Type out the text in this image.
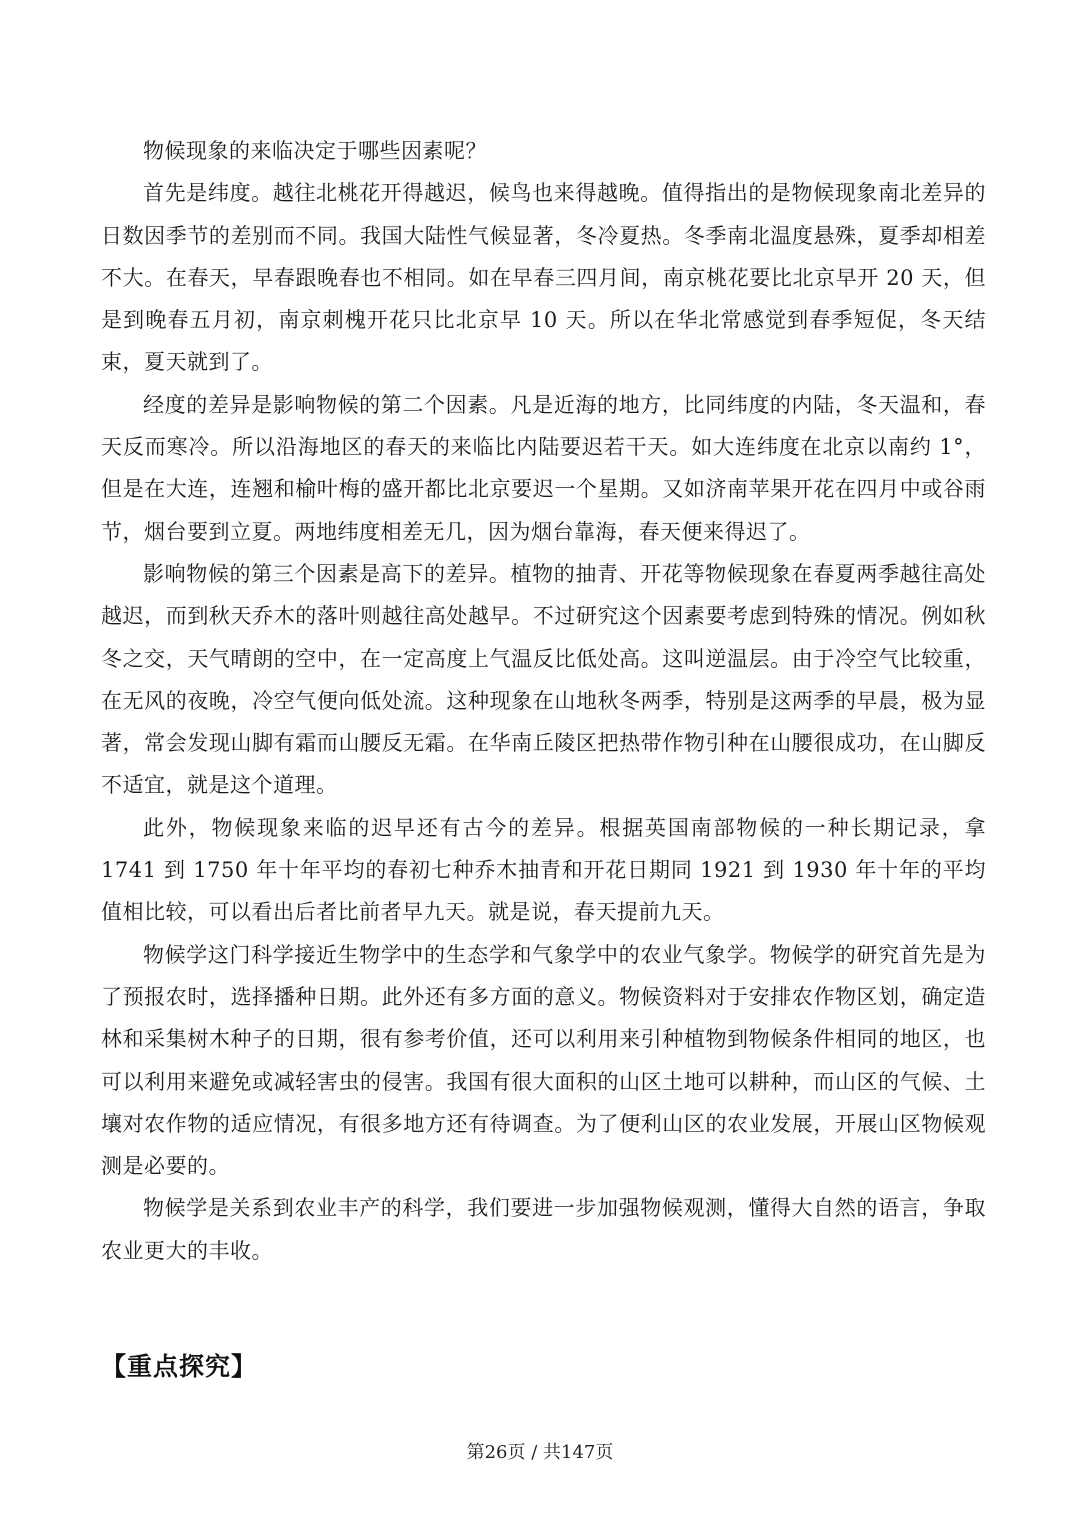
物候现象的来临决定于哪些因素呢？

首先是纬度。越往北桃花开得越迟，候鸟也来得越晚。值得指出的是物候现象南北差异的日数因季节的差别而不同。我国大陆性气候显著，冬冷夏热。冬季南北温度悬殊，夏季却相差不大。在春天，早春跟晚春也不相同。如在早春三四月间，南京桃花要比北京早开 20 天，但是到晚春五月初，南京刺槐开花只比北京早 10 天。所以在华北常感觉到春季短促，冬天结束，夏天就到了。

经度的差异是影响物候的第二个因素。凡是近海的地方，比同纬度的内陆，冬天温和，春天反而寒冷。所以沿海地区的春天的来临比内陆要迟若干天。如大连纬度在北京以南约 1°，但是在大连，连翘和榆叶梅的盛开都比北京要迟一个星期。又如济南苹果开花在四月中或谷雨节，烟台要到立夏。两地纬度相差无几，因为烟台靠海，春天便来得迟了。

影响物候的第三个因素是高下的差异。植物的抽青、开花等物候现象在春夏两季越往高处越迟，而到秋天乔木的落叶则越往高处越早。不过研究这个因素要考虑到特殊的情况。例如秋冬之交，天气晴朗的空中，在一定高度上气温反比低处高。这叫逆温层。由于冷空气比较重，在无风的夜晚，冷空气便向低处流。这种现象在山地秋冬两季，特别是这两季的早晨，极为显著，常会发现山脚有霜而山腰反无霜。在华南丘陵区把热带作物引种在山腰很成功，在山脚反不适宜，就是这个道理。

此外，物候现象来临的迟早还有古今的差异。根据英国南部物候的一种长期记录，拿 1741 到 1750 年十年平均的春初七种乔木抽青和开花日期同 1921 到 1930 年十年的平均值相比较，可以看出后者比前者早九天。就是说，春天提前九天。

物候学这门科学接近生物学中的生态学和气象学中的农业气象学。物候学的研究首先是为了预报农时，选择播种日期。此外还有多方面的意义。物候资料对于安排农作物区划，确定造林和采集树木种子的日期，很有参考价值，还可以利用来引种植物到物候条件相同的地区，也可以利用来避免或减轻害虫的侵害。我国有很大面积的山区土地可以耕种，而山区的气候、土壤对农作物的适应情况，有很多地方还有待调查。为了便利山区的农业发展，开展山区物候观测是必要的。

物候学是关系到农业丰产的科学，我们要进一步加强物候观测，懂得大自然的语言，争取农业更大的丰收。

【重点探究】
第26页 / 共147页
